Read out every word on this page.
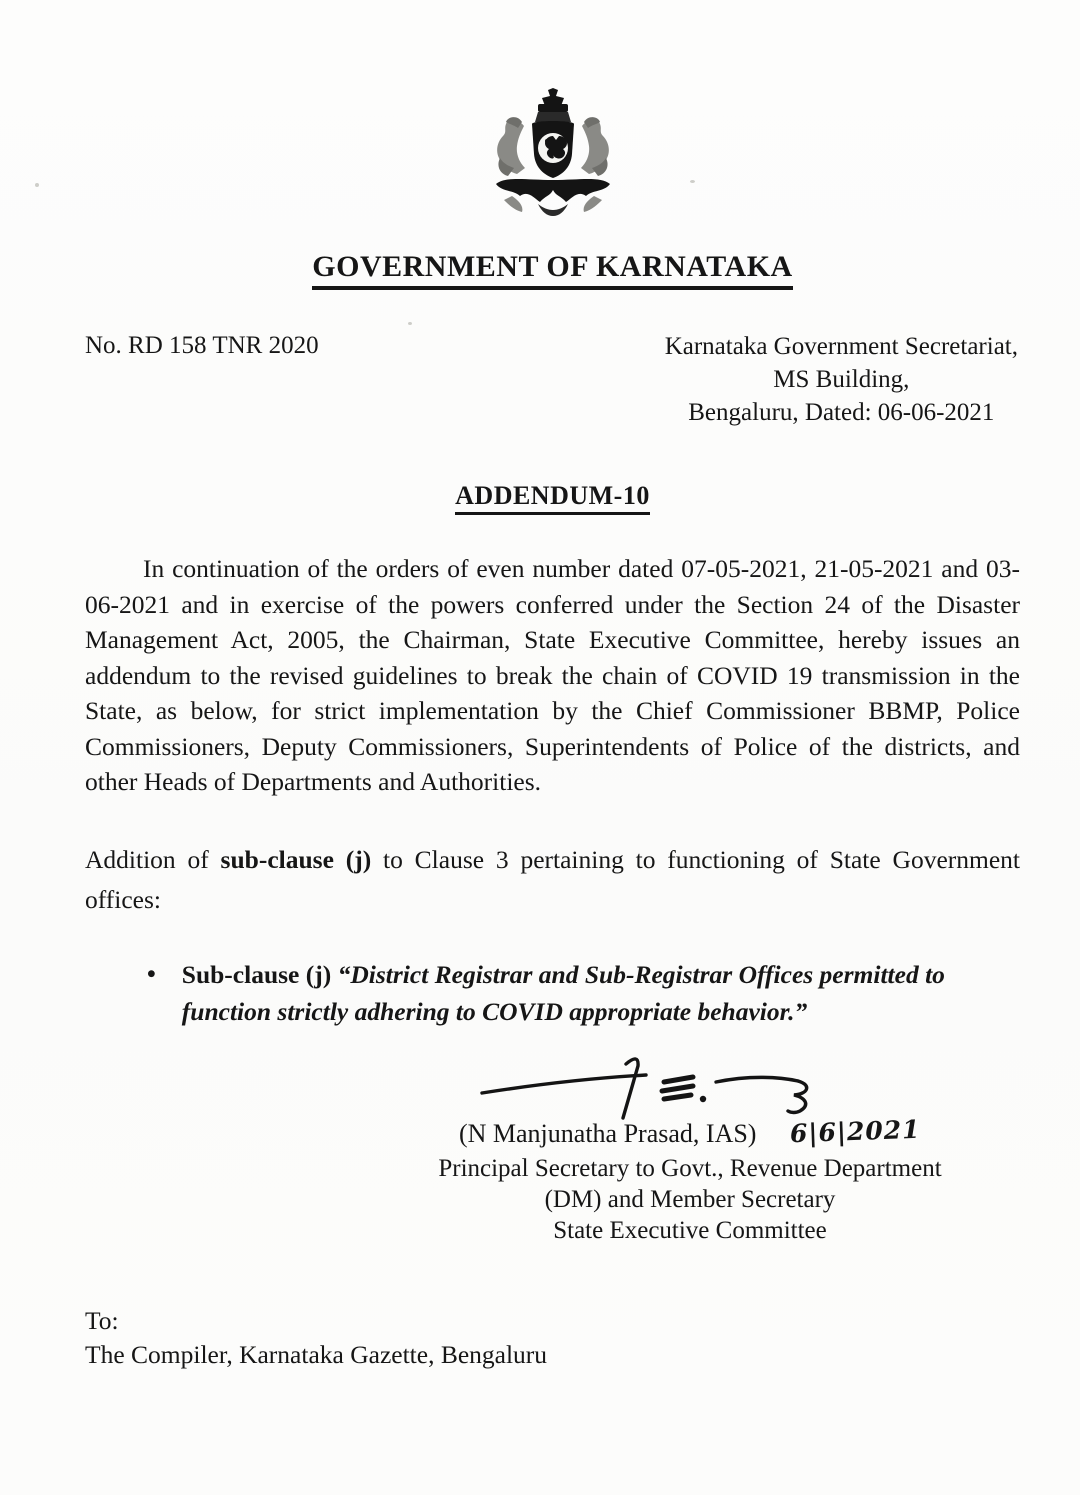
GOVERNMENT OF KARNATAKA
No. RD 158 TNR 2020	Karnataka Government Secretariat,
MS Building,
Bengaluru, Dated: 06-06-2021
ADDENDUM-10

In continuation of the orders of even number dated 07-05-2021, 21-05-2021 and 03-06-2021 and in exercise of the powers conferred under the Section 24 of the Disaster Management Act, 2005, the Chairman, State Executive Committee, hereby issues an addendum to the revised guidelines to break the chain of COVID 19 transmission in the State, as below, for strict implementation by the Chief Commissioner BBMP, Police Commissioners, Deputy Commissioners, Superintendents of Police of the districts, and other Heads of Departments and Authorities.

Addition of sub-clause (j) to Clause 3 pertaining to functioning of State Government offices:

•	Sub-clause (j) “District Registrar and Sub-Registrar Offices permitted to function strictly adhering to COVID appropriate behavior.”
(N Manjunatha Prasad, IAS) 6|6|2021
Principal Secretary to Govt., Revenue Department
(DM) and Member Secretary
State Executive Committee
To:
The Compiler, Karnataka Gazette, Bengaluru
